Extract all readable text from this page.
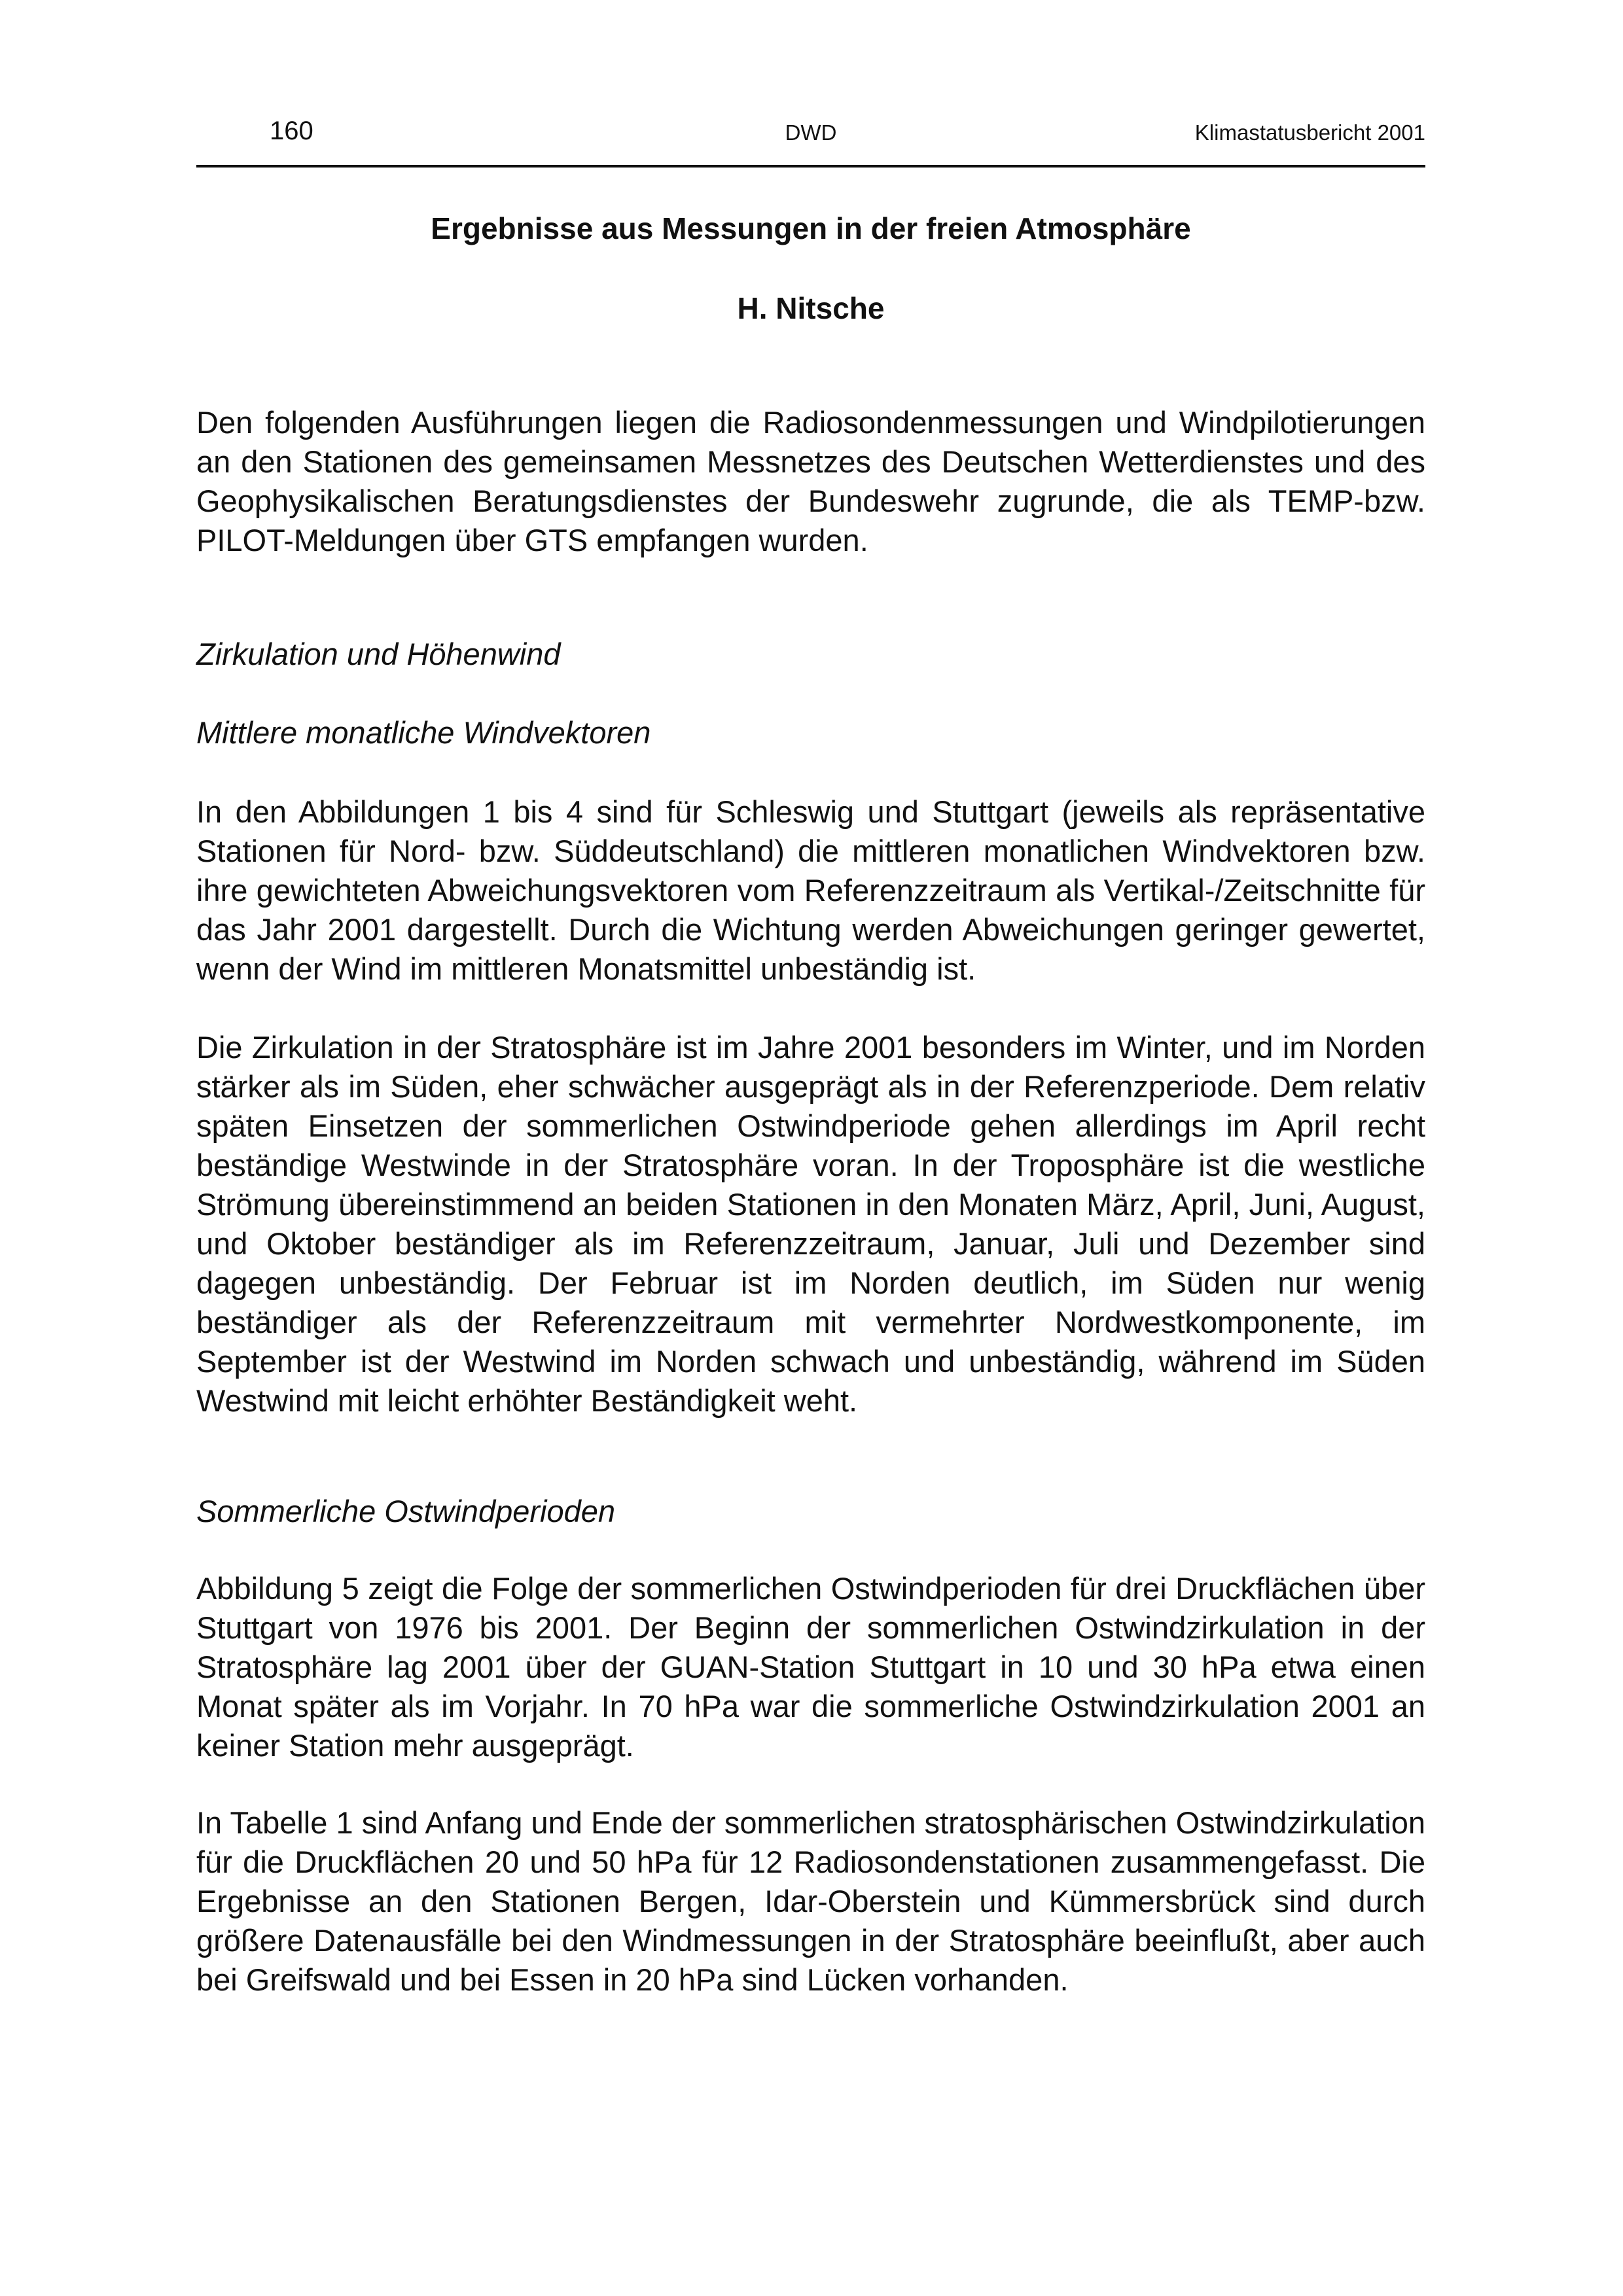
160	DWD	Klimastatusbericht 2001
Ergebnisse aus Messungen in der freien Atmosphäre
H. Nitsche

Den folgenden Ausführungen liegen die Radiosondenmessungen und Windpilotierungen an den Stationen des gemeinsamen Messnetzes des Deutschen Wetterdienstes und des Geophysikalischen Beratungsdienstes der Bundeswehr zugrunde, die als TEMP-bzw. PILOT-Meldungen über GTS empfangen wurden.

Zirkulation und Höhenwind
Mittlere monatliche Windvektoren

In den Abbildungen 1 bis 4 sind für Schleswig und Stuttgart (jeweils als repräsentative Stationen für Nord- bzw. Süddeutschland) die mittleren monatlichen Windvektoren bzw. ihre gewichteten Abweichungsvektoren vom Referenzzeitraum als Vertikal-/Zeitschnitte für das Jahr 2001 dargestellt. Durch die Wichtung werden Abweichungen geringer gewertet, wenn der Wind im mittleren Monatsmittel unbeständig ist.

Die Zirkulation in der Stratosphäre ist im Jahre 2001 besonders im Winter, und im Norden stärker als im Süden, eher schwächer ausgeprägt als in der Referenzperiode. Dem relativ späten Einsetzen der sommerlichen Ostwindperiode gehen allerdings im April recht beständige Westwinde in der Stratosphäre voran. In der Troposphäre ist die westliche Strömung übereinstimmend an beiden Stationen in den Monaten März, April, Juni, August, und Oktober beständiger als im Referenzzeitraum, Januar, Juli und Dezember sind dagegen unbeständig. Der Februar ist im Norden deutlich, im Süden nur wenig beständiger als der Referenzzeitraum mit vermehrter Nordwestkomponente, im September ist der Westwind im Norden schwach und unbeständig, während im Süden Westwind mit leicht erhöhter Beständigkeit weht.

Sommerliche Ostwindperioden

Abbildung 5 zeigt die Folge der sommerlichen Ostwindperioden für drei Druckflächen über Stuttgart von 1976 bis 2001. Der Beginn der sommerlichen Ostwindzirkulation in der Stratosphäre lag 2001 über der GUAN-Station Stuttgart in 10 und 30 hPa etwa einen Monat später als im Vorjahr. In 70 hPa war die sommerliche Ostwindzirkulation 2001 an keiner Station mehr ausgeprägt.

In Tabelle 1 sind Anfang und Ende der sommerlichen stratosphärischen Ostwindzirkulation für die Druckflächen 20 und 50 hPa für 12 Radiosondenstationen zusammengefasst. Die Ergebnisse an den Stationen Bergen, Idar-Oberstein und Kümmersbrück sind durch größere Datenausfälle bei den Windmessungen in der Stratosphäre beeinflußt, aber auch bei Greifswald und bei Essen in 20 hPa sind Lücken vorhanden.
